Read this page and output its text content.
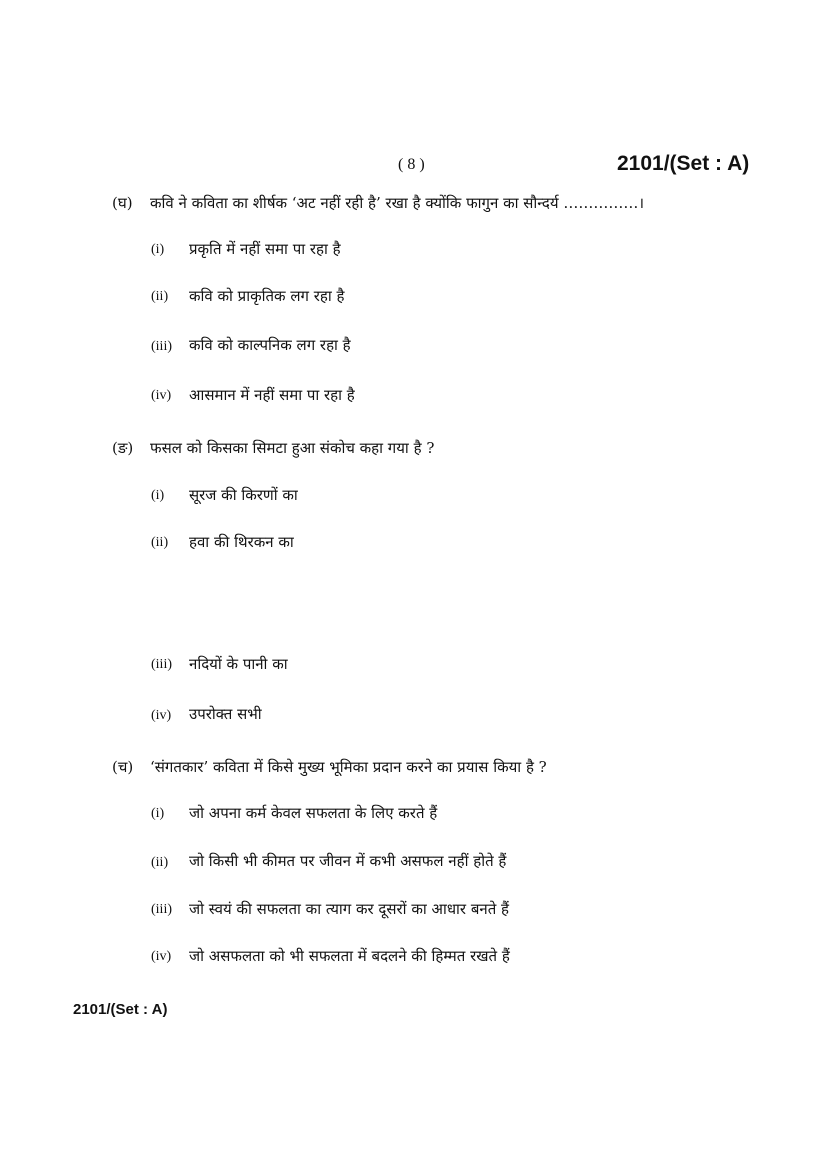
( 8 )	2101/(Set : A)
(घ) कवि ने कविता का शीर्षक ‘अट नहीं रही है’ रखा है क्योंकि फागुन का सौन्दर्य ……………।
(i) प्रकृति में नहीं समा पा रहा है
(ii) कवि को प्राकृतिक लग रहा है
(iii) कवि को काल्पनिक लग रहा है
(iv) आसमान में नहीं समा पा रहा है
(ङ) फसल को किसका सिमटा हुआ संकोच कहा गया है ?
(i) सूरज की किरणों का
(ii) हवा की थिरकन का
(iii) नदियों के पानी का
(iv) उपरोक्त सभी
(च) ‘संगतकार’ कविता में किसे मुख्य भूमिका प्रदान करने का प्रयास किया है ?
(i) जो अपना कर्म केवल सफलता के लिए करते हैं
(ii) जो किसी भी कीमत पर जीवन में कभी असफल नहीं होते हैं
(iii) जो स्वयं की सफलता का त्याग कर दूसरों का आधार बनते हैं
(iv) जो असफलता को भी सफलता में बदलने की हिम्मत रखते हैं
2101/(Set : A)
